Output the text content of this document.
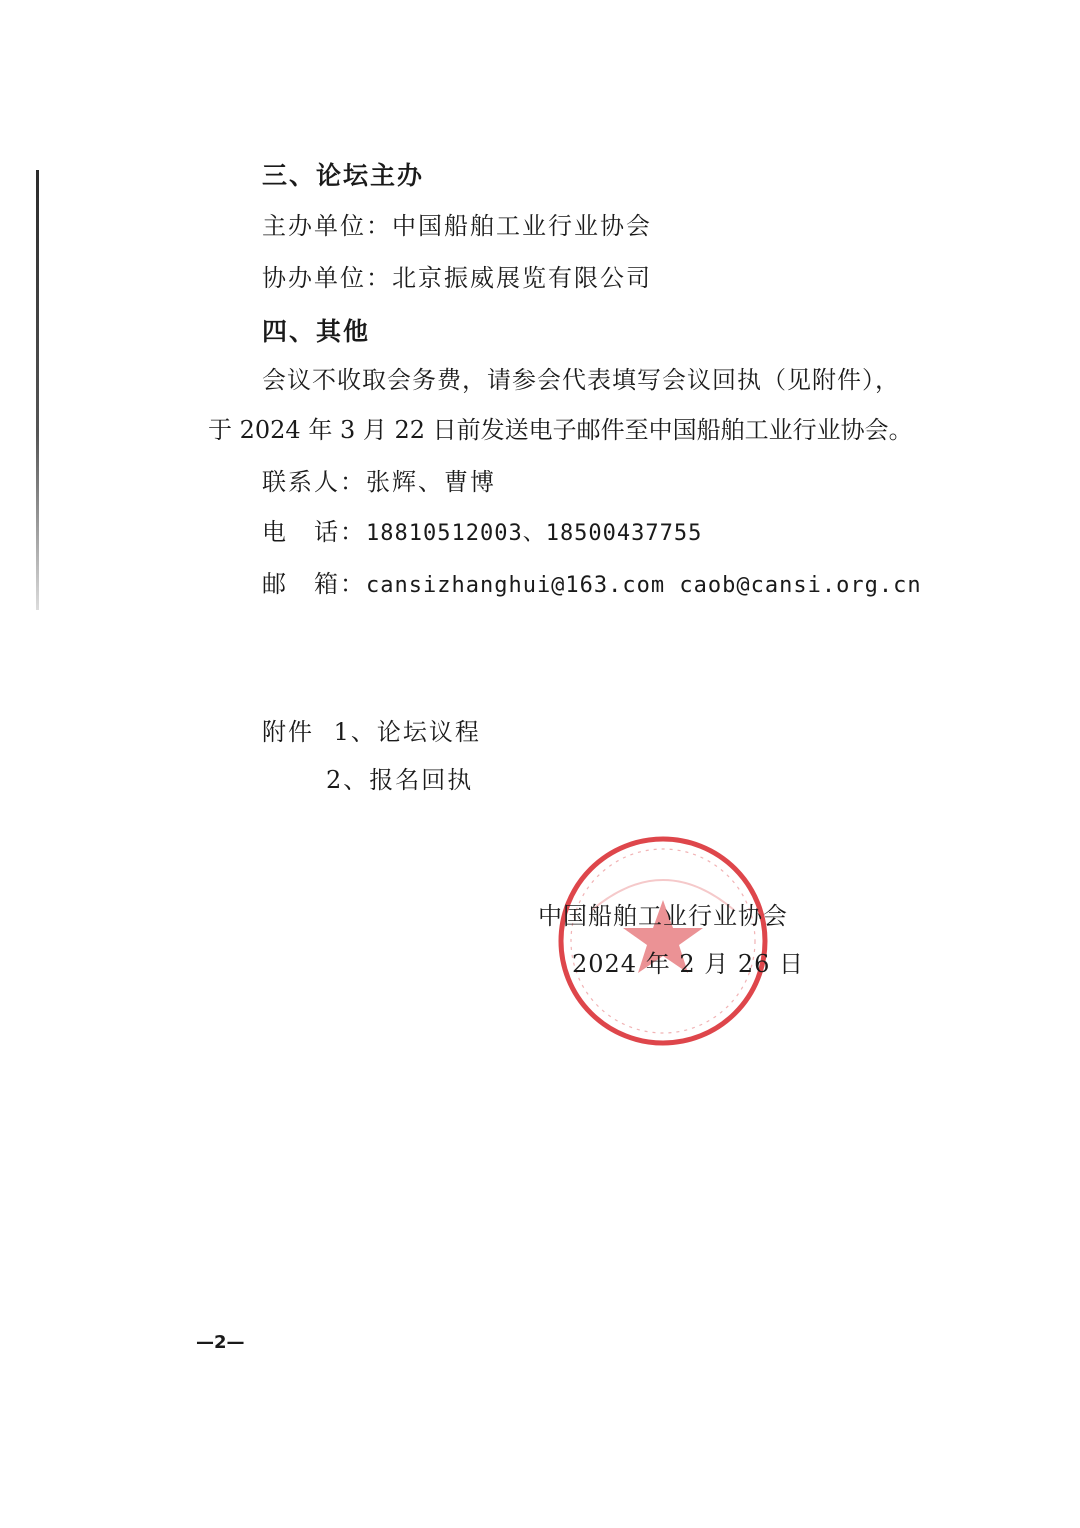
三、论坛主办
主办单位：中国船舶工业行业协会
协办单位：北京振威展览有限公司
四、其他
会议不收取会务费，请参会代表填写会议回执（见附件），
于 2024 年 3 月 22 日前发送电子邮件至中国船舶工业行业协会。
联系人：张辉、曹博
电　话：18810512003、18500437755
邮　箱：cansizhanghui@163.com caob@cansi.org.cn
附件 1、论坛议程
2、报名回执
中国船舶工业行业协会
2024 年 2 月 26 日
—2—
